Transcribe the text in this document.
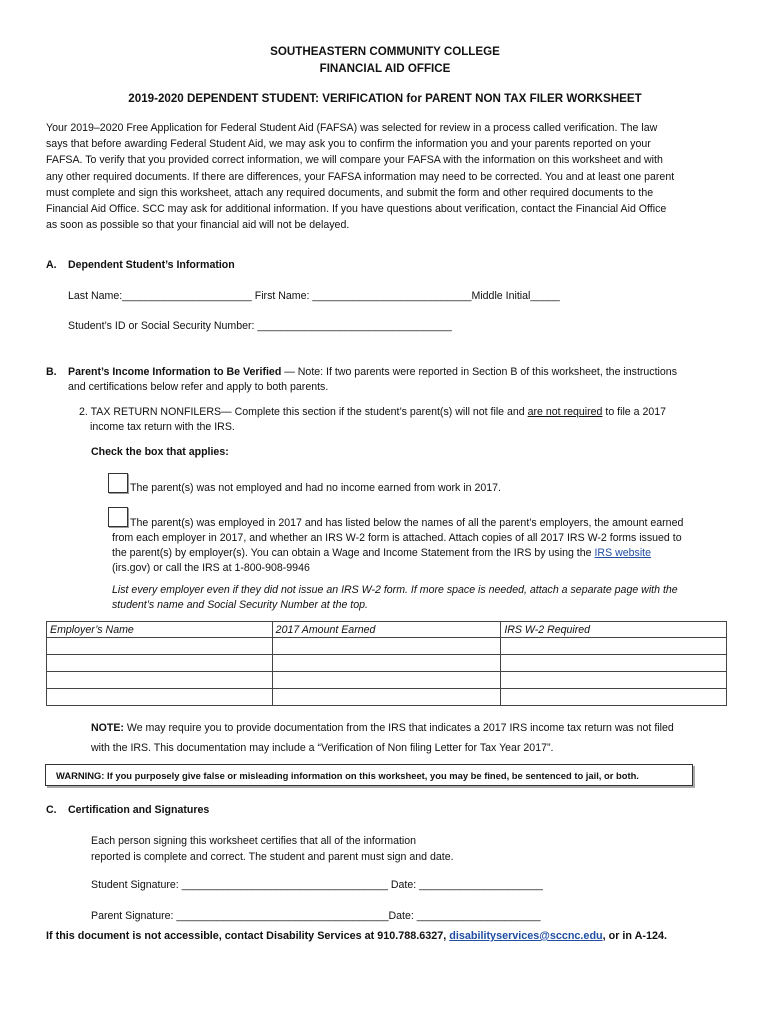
SOUTHEASTERN COMMUNITY COLLEGE
FINANCIAL AID OFFICE
2019-2020 DEPENDENT STUDENT: VERIFICATION for PARENT NON TAX FILER WORKSHEET
Your 2019–2020 Free Application for Federal Student Aid (FAFSA) was selected for review in a process called verification. The law
says that before awarding Federal Student Aid, we may ask you to confirm the information you and your parents reported on your
FAFSA. To verify that you provided correct information, we will compare your FAFSA with the information on this worksheet and with
any other required documents. If there are differences, your FAFSA information may need to be corrected. You and at least one parent
must complete and sign this worksheet, attach any required documents, and submit the form and other required documents to the
Financial Aid Office. SCC may ask for additional information. If you have questions about verification, contact the Financial Aid Office
as soon as possible so that your financial aid will not be delayed.
A. Dependent Student’s Information
Last Name:______________________ First Name: ___________________________Middle Initial_____
Student’s ID or Social Security Number: _________________________________
B. Parent’s Income Information to Be Verified — Note: If two parents were reported in Section B of this worksheet, the instructions
and certifications below refer and apply to both parents.
2. TAX RETURN NONFILERS— Complete this section if the student’s parent(s) will not file and are not required to file a 2017
income tax return with the IRS.
Check the box that applies:
The parent(s) was not employed and had no income earned from work in 2017.
The parent(s) was employed in 2017 and has listed below the names of all the parent’s employers, the amount earned
from each employer in 2017, and whether an IRS W-2 form is attached. Attach copies of all 2017 IRS W-2 forms issued to
the parent(s) by employer(s). You can obtain a Wage and Income Statement from the IRS by using the IRS website
(irs.gov) or call the IRS at 1-800-908-9946
List every employer even if they did not issue an IRS W-2 form. If more space is needed, attach a separate page with the
student’s name and Social Security Number at the top.
Employer’s Name	2017 Amount Earned	IRS W-2 Required

NOTE: We may require you to provide documentation from the IRS that indicates a 2017 IRS income tax return was not filed
with the IRS. This documentation may include a “Verification of Non filing Letter for Tax Year 2017”.
WARNING: If you purposely give false or misleading information on this worksheet, you may be fined, be sentenced to jail, or both.
C. Certification and Signatures
Each person signing this worksheet certifies that all of the information
reported is complete and correct. The student and parent must sign and date.
Student Signature: ___________________________________ Date: _____________________
Parent Signature: ____________________________________Date: _____________________
If this document is not accessible, contact Disability Services at 910.788.6327, disabilityservices@sccnc.edu, or in A-124.
